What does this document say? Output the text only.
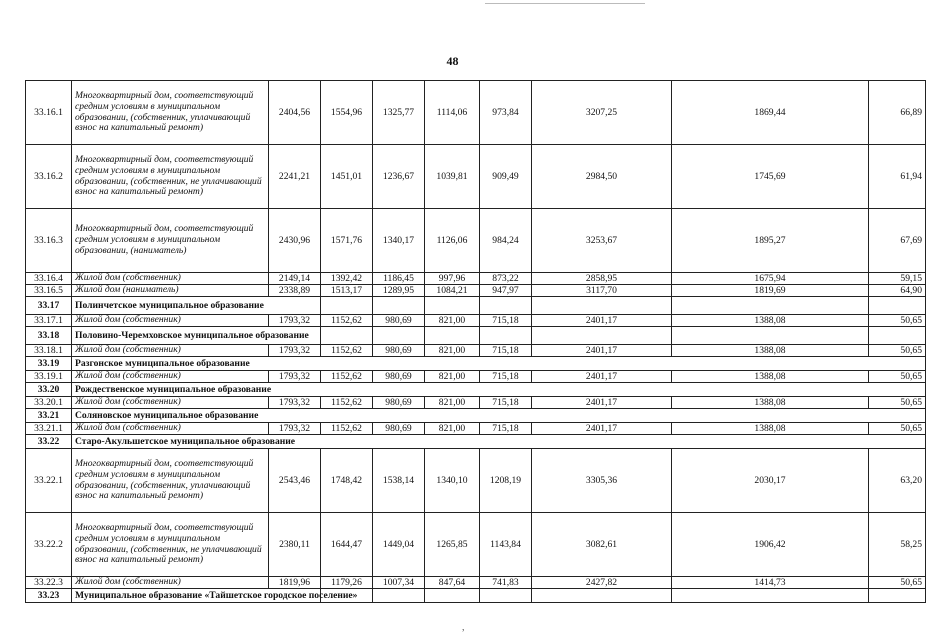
48
33.16.1	Многоквартирный дом, соответствующий средним условиям в муниципальном образовании, (собственник, уплачивающий взнос на капитальный ремонт)	2404,56	1554,96	1325,77	1114,06	973,84	3207,25	1869,44	66,89
33.16.2	Многоквартирный дом, соответствующий средним условиям в муниципальном образовании, (собственник, не уплачивающий взнос на капитальный ремонт)	2241,21	1451,01	1236,67	1039,81	909,49	2984,50	1745,69	61,94
33.16.3	Многоквартирный дом, соответствующий средним условиям в муниципальном образовании, (наниматель)	2430,96	1571,76	1340,17	1126,06	984,24	3253,67	1895,27	67,69
33.16.4	Жилой дом (собственник)	2149,14	1392,42	1186,45	997,96	873,22	2858,95	1675,94	59,15
33.16.5	Жилой дом (наниматель)	2338,89	1513,17	1289,95	1084,21	947,97	3117,70	1819,69	64,90
33.17	Полинчетское муниципальное образование								
33.17.1	Жилой дом (собственник)	1793,32	1152,62	980,69	821,00	715,18	2401,17	1388,08	50,65
33.18	Половино-Черемховское муниципальное образование								
33.18.1	Жилой дом (собственник)	1793,32	1152,62	980,69	821,00	715,18	2401,17	1388,08	50,65
33.19	Разгонское муниципальное образование								
33.19.1	Жилой дом (собственник)	1793,32	1152,62	980,69	821,00	715,18	2401,17	1388,08	50,65
33.20	Рождественское муниципальное образование								
33.20.1	Жилой дом (собственник)	1793,32	1152,62	980,69	821,00	715,18	2401,17	1388,08	50,65
33.21	Соляновское муниципальное образование								
33.21.1	Жилой дом (собственник)	1793,32	1152,62	980,69	821,00	715,18	2401,17	1388,08	50,65
33.22	Старо-Акульшетское муниципальное образование								
33.22.1	Многоквартирный дом, соответствующий средним условиям в муниципальном образовании, (собственник, уплачивающий взнос на капитальный ремонт)	2543,46	1748,42	1538,14	1340,10	1208,19	3305,36	2030,17	63,20
33.22.2	Многоквартирный дом, соответствующий средним условиям в муниципальном образовании, (собственник, не уплачивающий взнос на капитальный ремонт)	2380,11	1644,47	1449,04	1265,85	1143,84	3082,61	1906,42	58,25
33.22.3	Жилой дом (собственник)	1819,96	1179,26	1007,34	847,64	741,83	2427,82	1414,73	50,65
33.23	Муниципальное образование «Тайшетское городское поселение»								
,
